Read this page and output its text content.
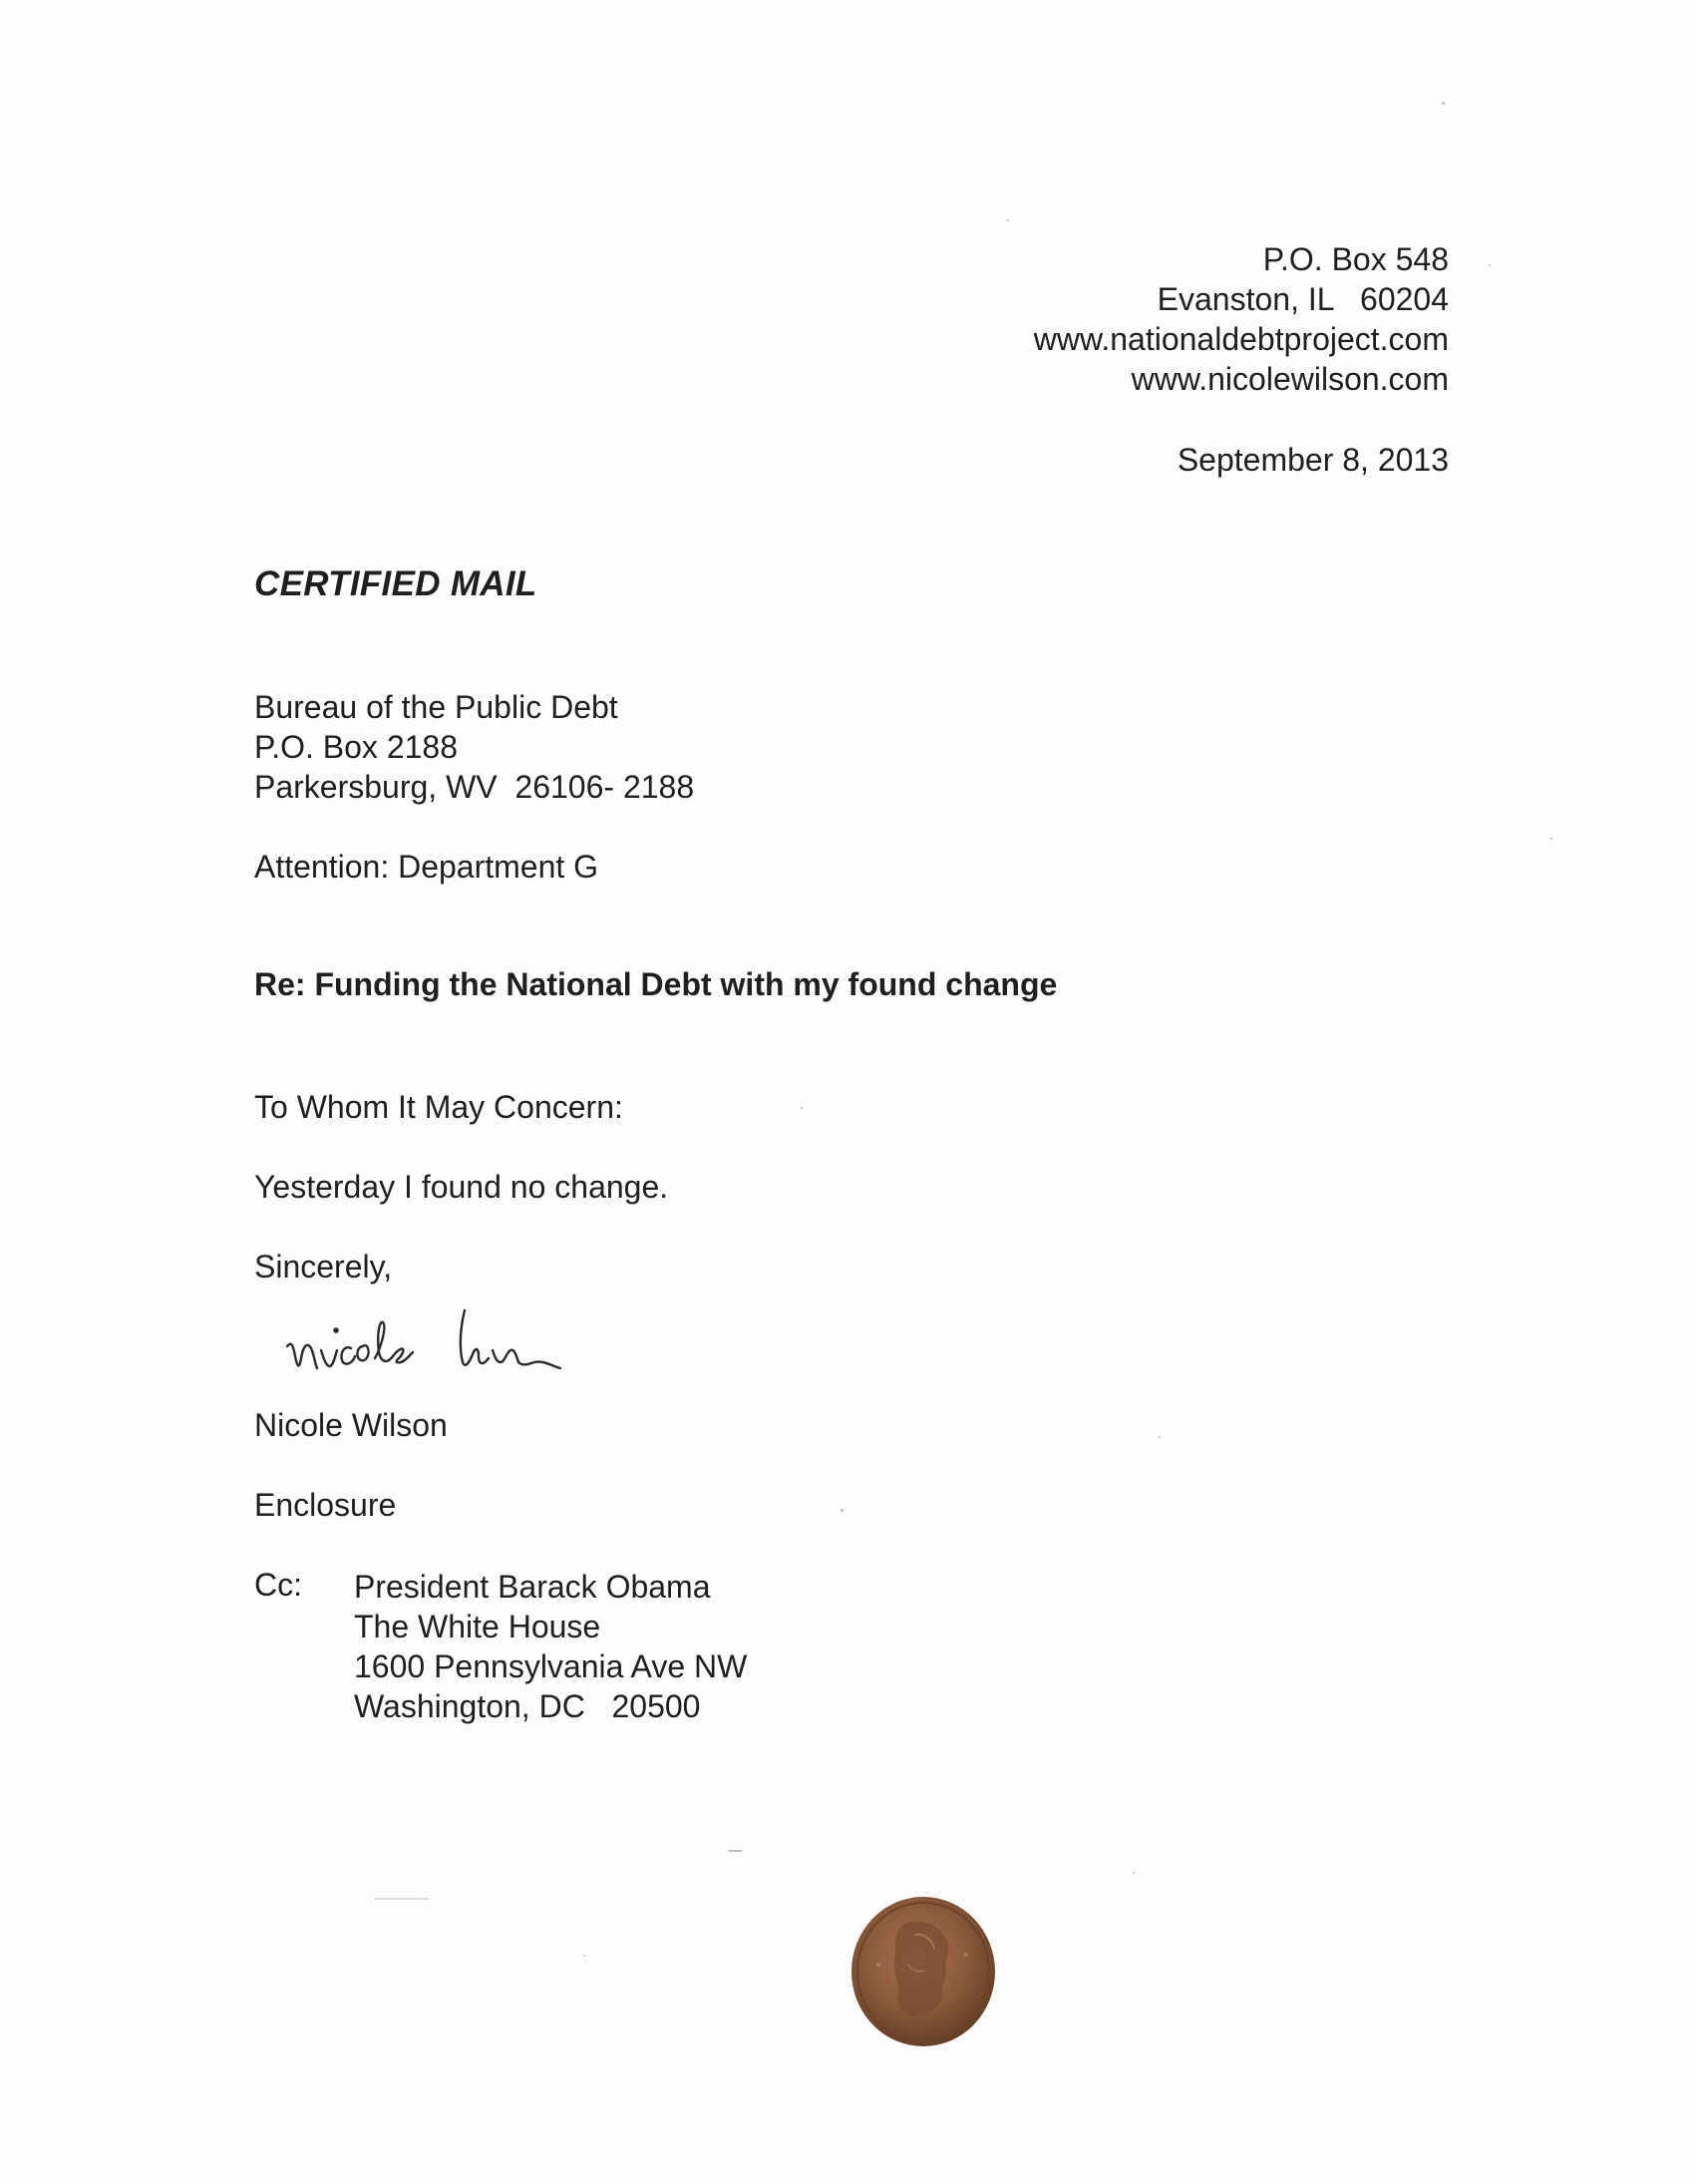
P.O. Box 548
Evanston, IL   60204
www.nationaldebtproject.com
www.nicolewilson.com
September 8, 2013
CERTIFIED MAIL
Bureau of the Public Debt
P.O. Box 2188
Parkersburg, WV  26106- 2188
Attention: Department G
Re: Funding the National Debt with my found change
To Whom It May Concern:
Yesterday I found no change.
Sincerely,
Nicole Wilson
Enclosure
Cc: President Barack Obama
The White House
1600 Pennsylvania Ave NW
Washington, DC   20500
